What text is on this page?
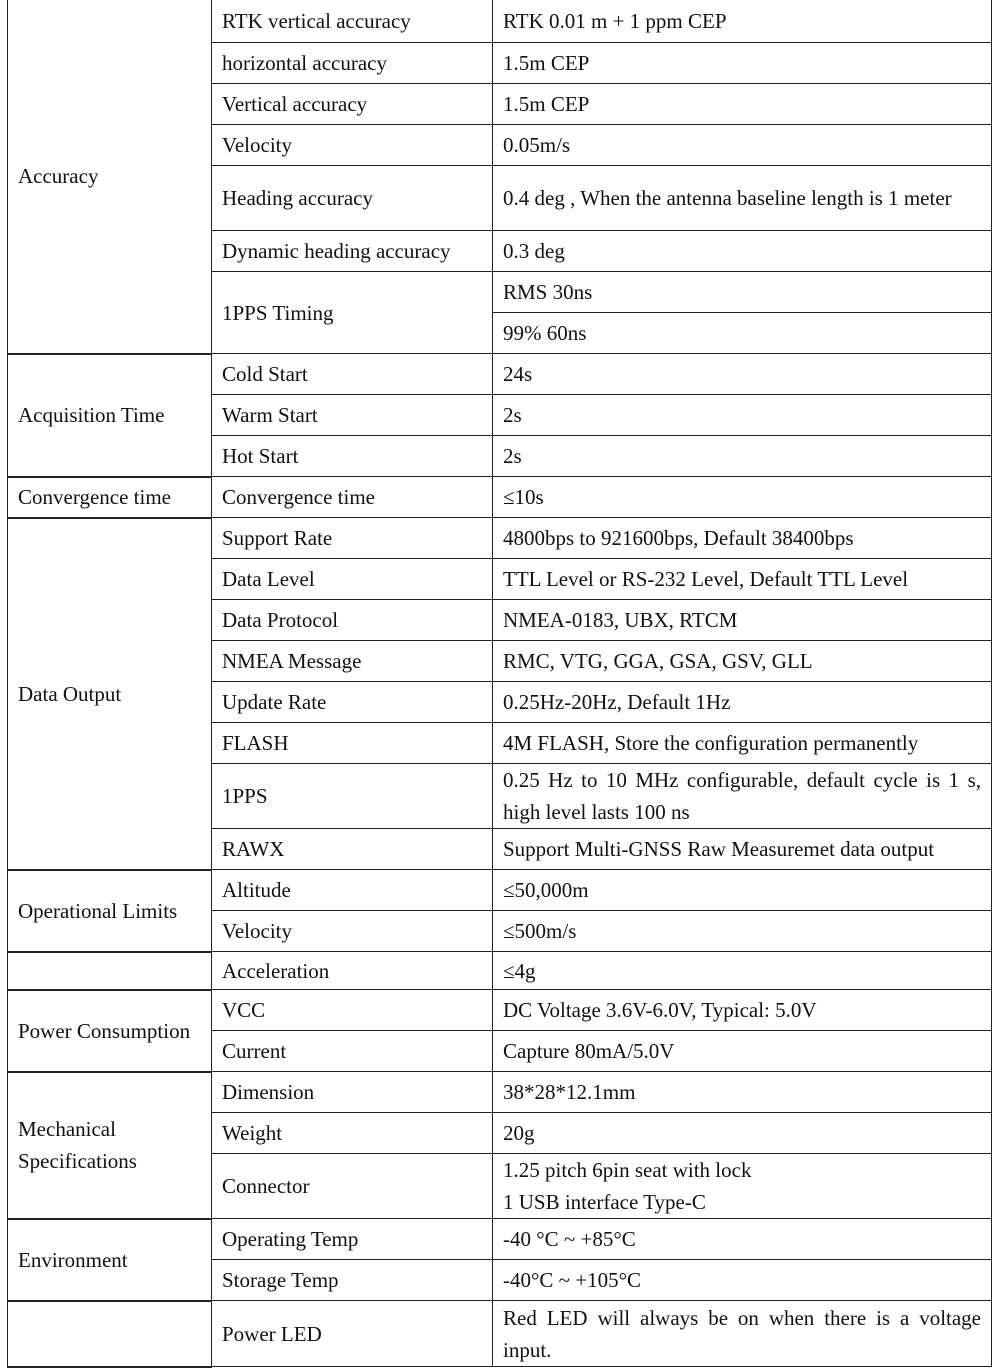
Accuracy	RTK vertical accuracy	RTK 0.01 m + 1 ppm CEP
	horizontal accuracy	1.5m CEP
	Vertical accuracy	1.5m CEP
	Velocity	0.05m/s
	Heading accuracy	0.4 deg , When the antenna baseline length is 1 meter
	Dynamic heading accuracy	0.3 deg
	1PPS Timing	RMS 30ns
		99% 60ns
Acquisition Time	Cold Start	24s
	Warm Start	2s
	Hot Start	2s
Convergence time	Convergence time	≤10s
Data Output	Support Rate	4800bps to 921600bps, Default 38400bps
	Data Level	TTL Level or RS-232 Level, Default TTL Level
	Data Protocol	NMEA-0183, UBX, RTCM
	NMEA Message	RMC, VTG, GGA, GSA, GSV, GLL
	Update Rate	0.25Hz-20Hz, Default 1Hz
	FLASH	4M FLASH, Store the configuration permanently
	1PPS	0.25 Hz to 10 MHz configurable, default cycle is 1 s, high level lasts 100 ns
	RAWX	Support Multi-GNSS Raw Measuremet data output
Operational Limits	Altitude	≤50,000m
	Velocity	≤500m/s
	Acceleration	≤4g
Power Consumption	VCC	DC Voltage 3.6V-6.0V, Typical: 5.0V
	Current	Capture 80mA/5.0V
Mechanical Specifications	Dimension	38*28*12.1mm
	Weight	20g
	Connector	1.25 pitch 6pin seat with lock
1 USB interface Type-C

Environment	Operating Temp	-40 °C ~ +85°C
	Storage Temp	-40°C ~ +105°C
	Power LED	Red LED will always be on when there is a voltage input.
